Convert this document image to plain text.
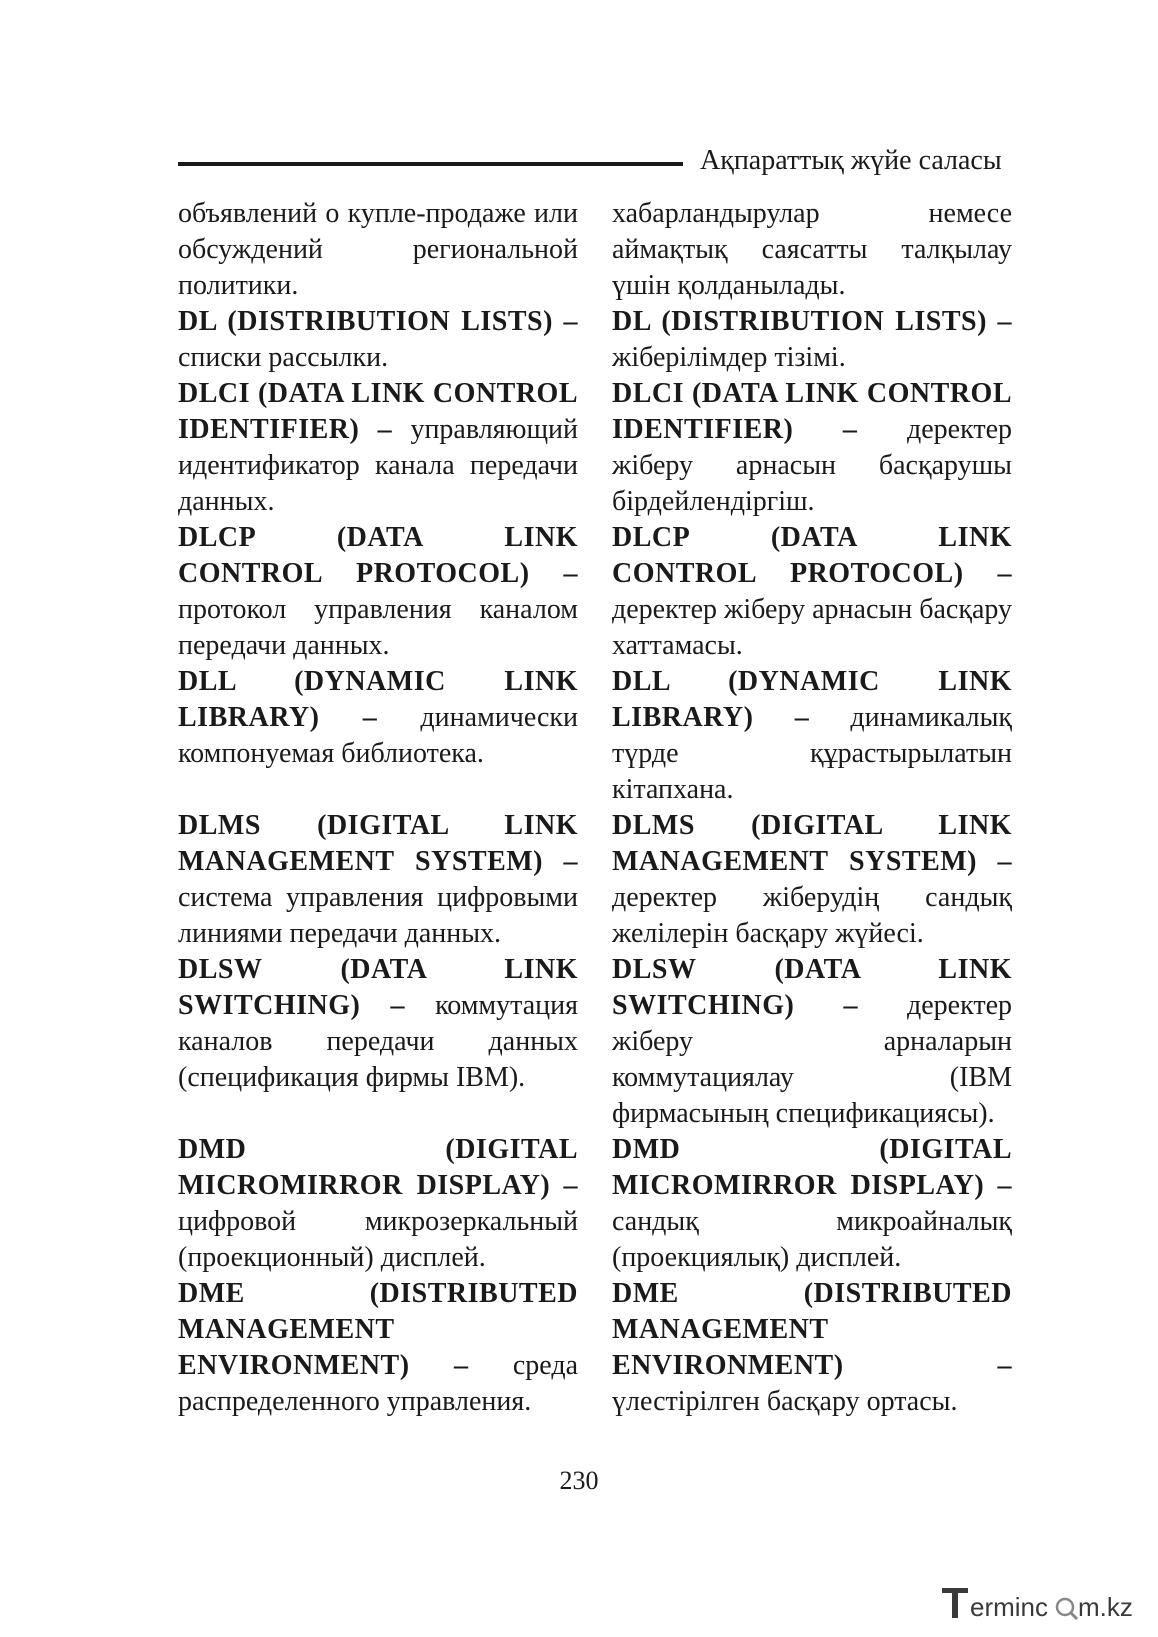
Ақпараттық жүйе саласы

объявлений о купле-продаже или обсуждений региональной политики.

DL (DISTRIBUTION LISTS) – списки рассылки.

DLCI (DATA LINK CONTROL IDENTIFIER) – управляющий идентификатор канала передачи данных.

DLCP (DATA LINK CONTROL PROTOCOL) – протокол управления каналом передачи данных.

DLL (DYNAMIC LINK LIBRARY) – динамически компонуемая библиотека.

DLMS (DIGITAL LINK MANAGEMENT SYSTEM) – система управления цифровыми линиями передачи данных.

DLSW (DATA LINK SWITCHING) – коммутация каналов передачи данных (спецификация фирмы IBM).

DMD (DIGITAL MICROMIRROR DISPLAY) – цифровой микрозеркальный (проекционный) дисплей.

DME (DISTRIBUTED MANAGEMENT ENVIRONMENT) – среда распределенного управления.

хабарландырулар немесе аймақтық саясатты талқылау үшін қолданылады.

DL (DISTRIBUTION LISTS) – жіберілімдер тізімі.

DLCI (DATA LINK CONTROL IDENTIFIER) – деректер жіберу арнасын басқарушы бірдейлендіргіш.

DLCP (DATA LINK CONTROL PROTOCOL) – деректер жіберу арнасын басқару хаттамасы.

DLL (DYNAMIC LINK LIBRARY) – динамикалық түрде құрастырылатын кітапхана.

DLMS (DIGITAL LINK MANAGEMENT SYSTEM) – деректер жіберудің сандық желілерін басқару жүйесі.

DLSW (DATA LINK SWITCHING) – деректер жіберу арналарын коммутациялау (IBM фирмасының спецификациясы).

DMD (DIGITAL MICROMIRROR DISPLAY) – сандық микроайналық (проекциялық) дисплей.

DME (DISTRIBUTED MANAGEMENT ENVIRONMENT)	– үлестірілген басқару ортасы.

230
erminc m.kz
